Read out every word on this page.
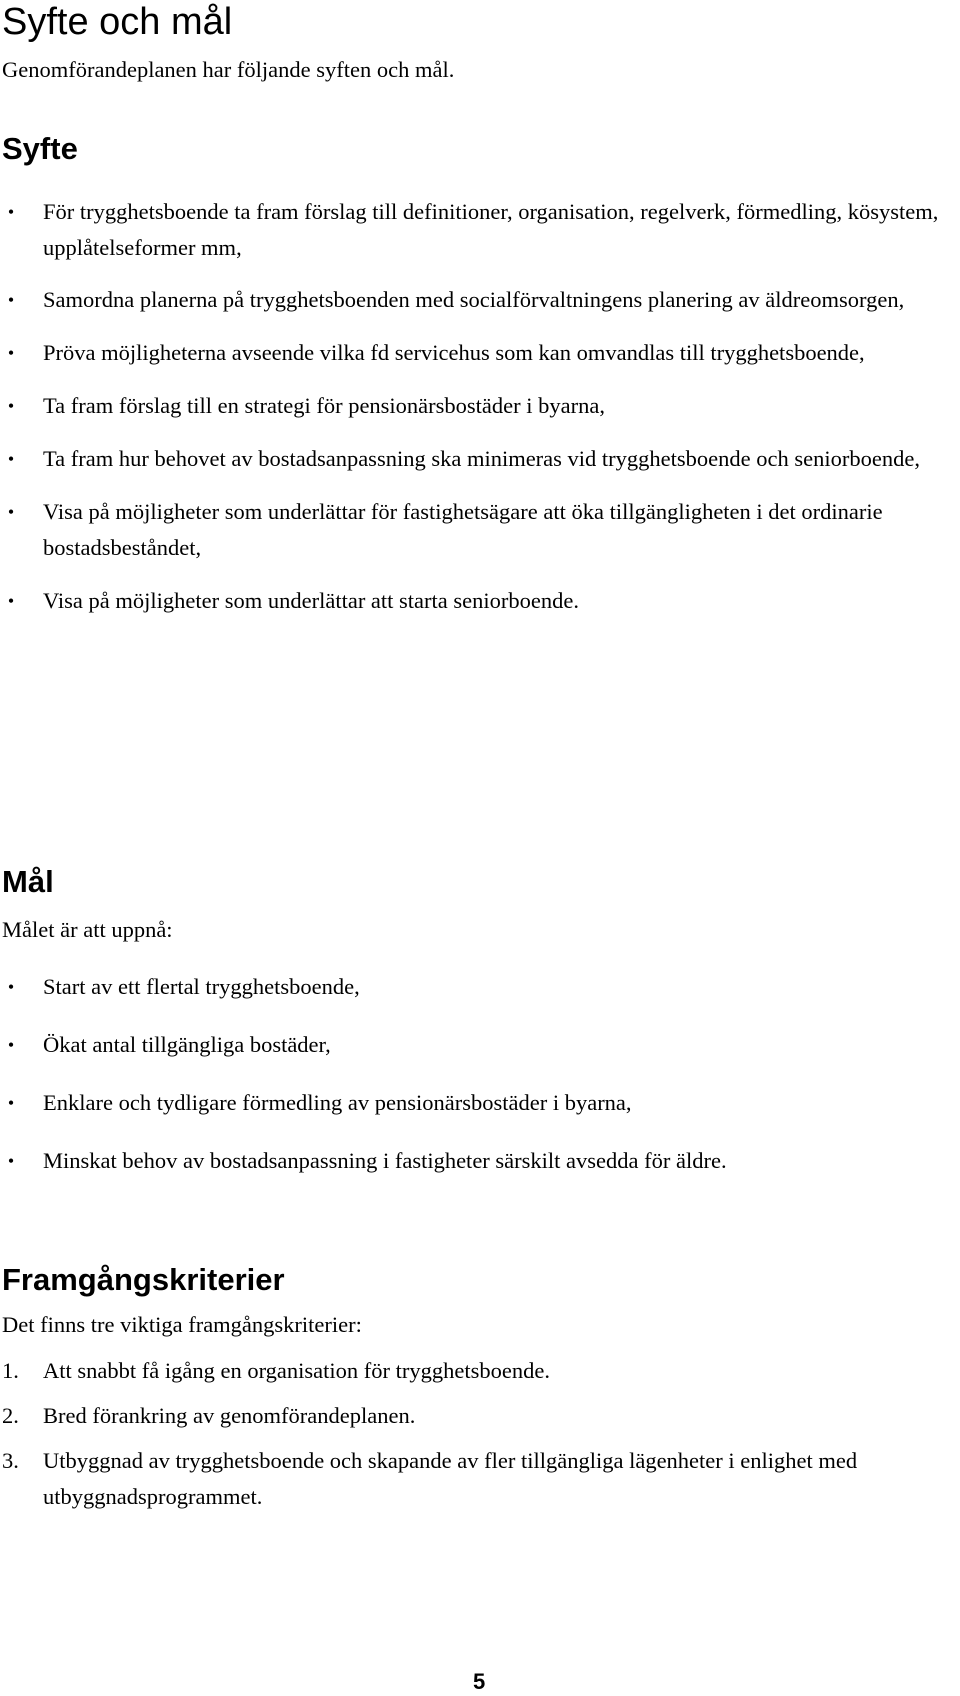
Syfte och mål

Genomförandeplanen har följande syften och mål.

Syfte
•	För trygghetsboende ta fram förslag till definitioner, organisation, regelverk, förmedling, kösystem, upplåtelseformer mm,
•	Samordna planerna på trygghetsboenden med socialförvaltningens planering av äldreomsorgen,
•	Pröva möjligheterna avseende vilka fd servicehus som kan omvandlas till trygghetsboende,
•	Ta fram förslag till en strategi för pensionärsbostäder i byarna,
•	Ta fram hur behovet av bostadsanpassning ska minimeras vid trygghetsboende och seniorboende,
•	Visa på möjligheter som underlättar för fastighetsägare att öka tillgängligheten i det ordinarie bostadsbeståndet,
•	Visa på möjligheter som underlättar att starta seniorboende.
Mål

Målet är att uppnå:

•	Start av ett flertal trygghetsboende,
•	Ökat antal tillgängliga bostäder,
•	Enklare och tydligare förmedling av pensionärsbostäder i byarna,
•	Minskat behov av bostadsanpassning i fastigheter särskilt avsedda för äldre.
Framgångskriterier

Det finns tre viktiga framgångskriterier:

1. Att snabbt få igång en organisation för trygghetsboende.
2. Bred förankring av genomförandeplanen.
3. Utbyggnad av trygghetsboende och skapande av fler tillgängliga lägenheter i enlighet med utbyggnadsprogrammet.
5
